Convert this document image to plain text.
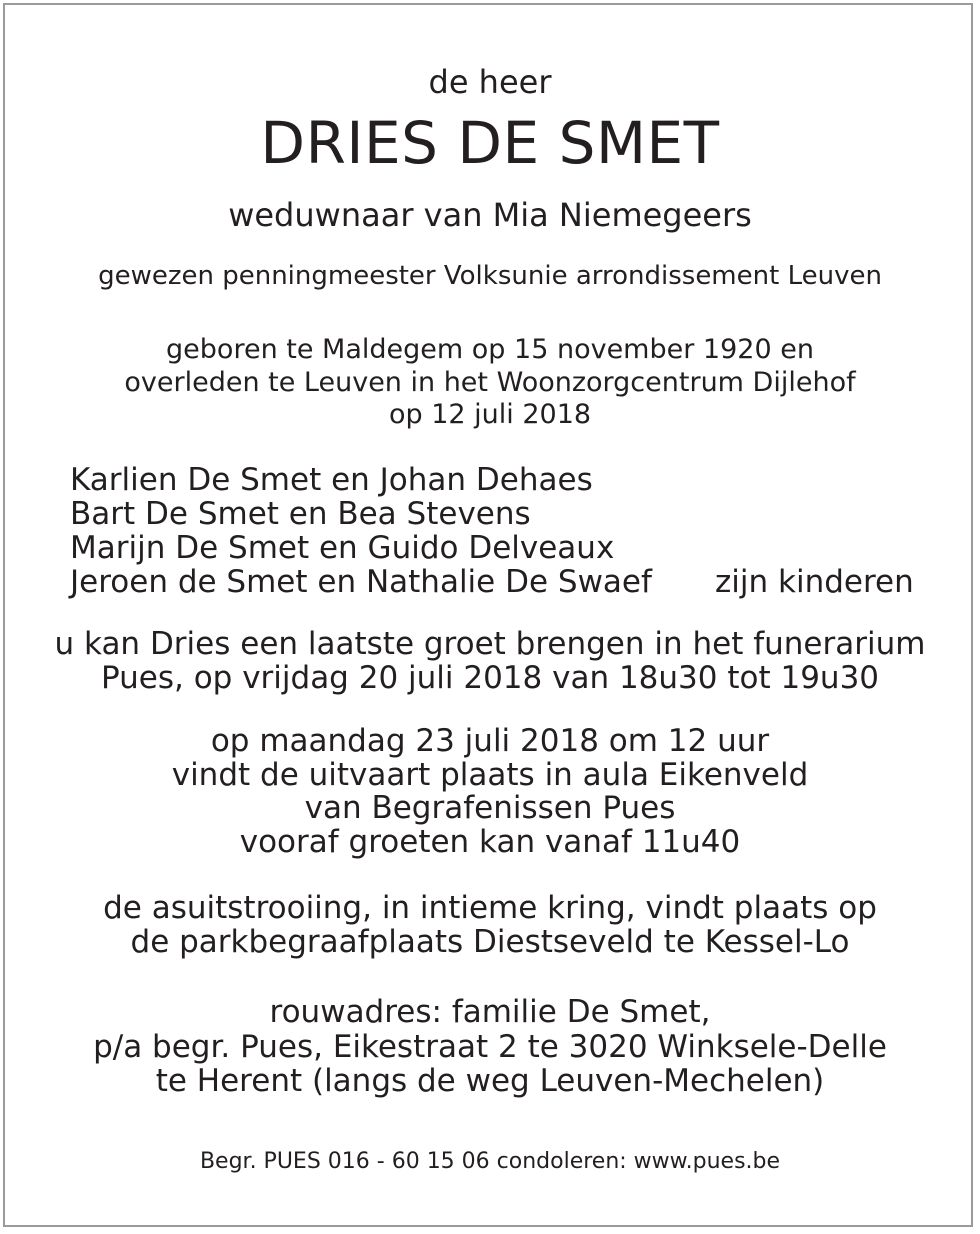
de heer
DRIES DE SMET
weduwnaar van Mia Niemegeers
gewezen penningmeester Volksunie arrondissement Leuven
geboren te Maldegem op 15 november 1920 en
overleden te Leuven in het Woonzorgcentrum Dijlehof
op 12 juli 2018
Karlien De Smet en Johan Dehaes
Bart De Smet en Bea Stevens
Marijn De Smet en Guido Delveaux
Jeroen de Smet en Nathalie De Swaef zijn kinderen
u kan Dries een laatste groet brengen in het funerarium
Pues, op vrijdag 20 juli 2018 van 18u30 tot 19u30
op maandag 23 juli 2018 om 12 uur
vindt de uitvaart plaats in aula Eikenveld
van Begrafenissen Pues
vooraf groeten kan vanaf 11u40
de asuitstrooiing, in intieme kring, vindt plaats op
de parkbegraafplaats Diestseveld te Kessel-Lo
rouwadres: familie De Smet,
p/a begr. Pues, Eikestraat 2 te 3020 Winksele-Delle
te Herent (langs de weg Leuven-Mechelen)
Begr. PUES 016 - 60 15 06 condoleren: www.pues.be
